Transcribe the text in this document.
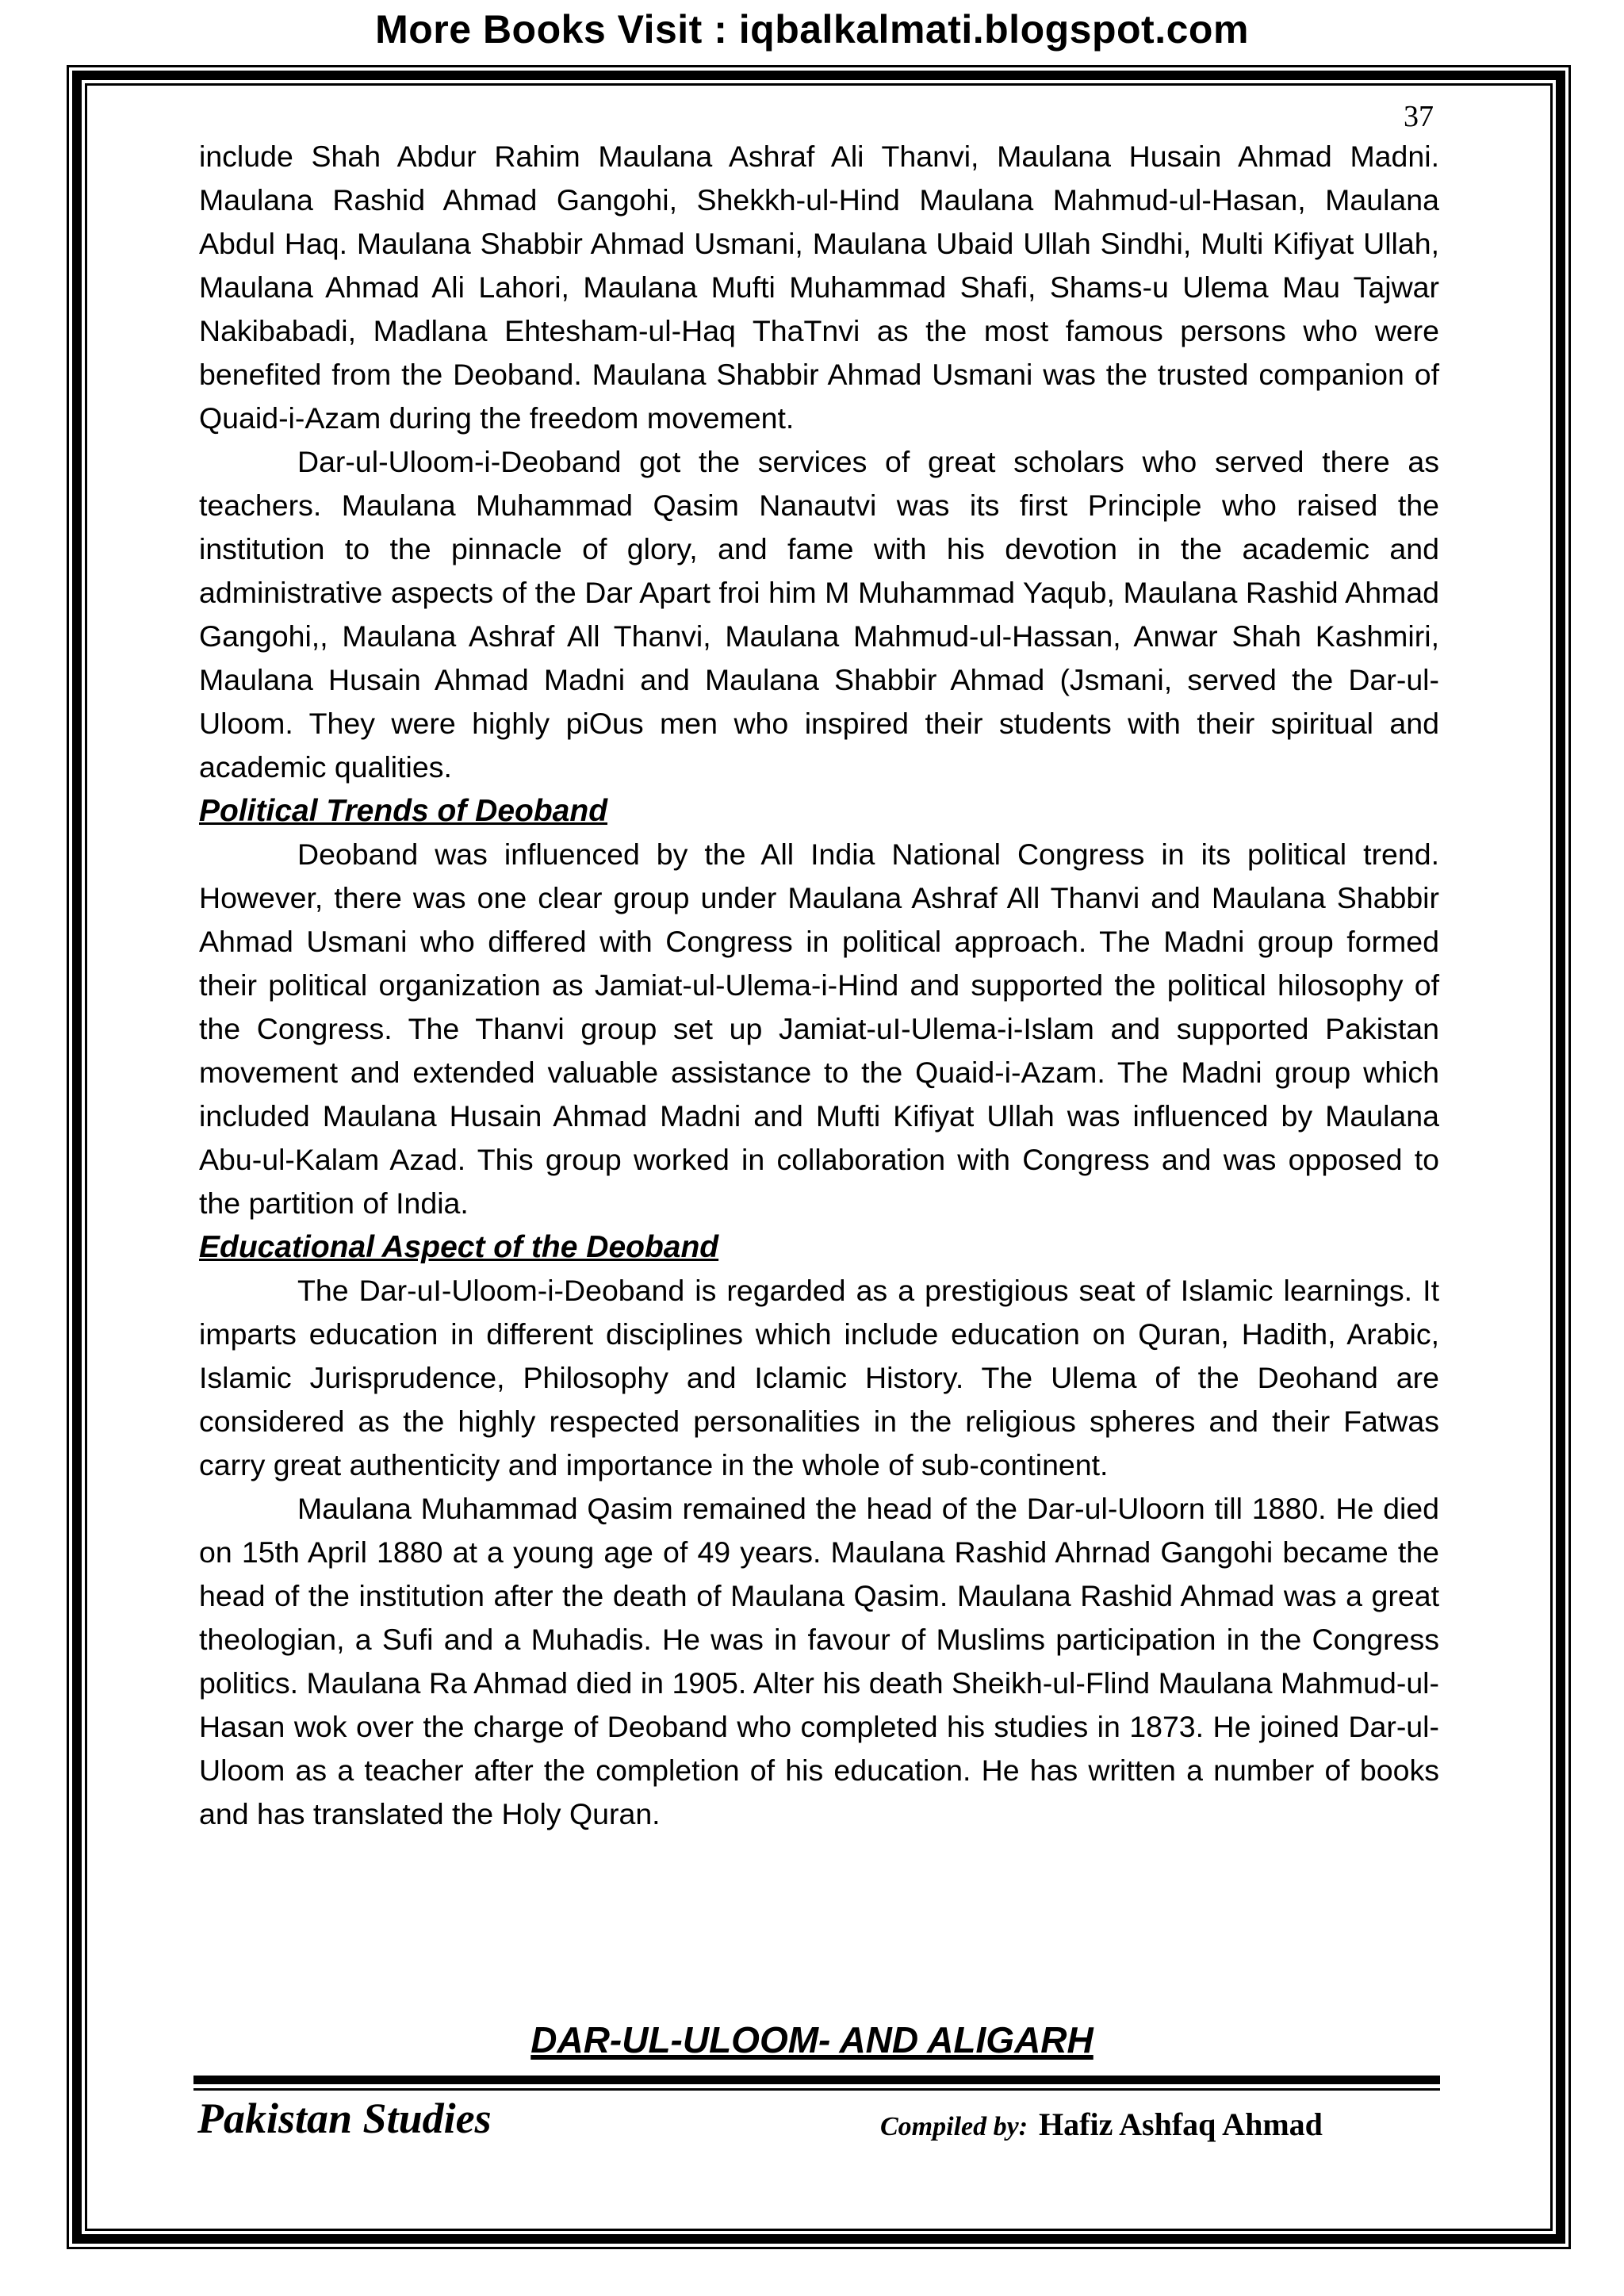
More Books Visit : iqbalkalmati.blogspot.com
37

include Shah Abdur Rahim Maulana Ashraf Ali Thanvi, Maulana Husain Ahmad Madni. Maulana Rashid Ahmad Gangohi, Shekkh-ul-Hind Maulana Mahmud-ul-Hasan, Maulana Abdul Haq. Maulana Shabbir Ahmad Usmani, Maulana Ubaid Ullah Sindhi, Multi Kifiyat Ullah, Maulana Ahmad Ali Lahori, Maulana Mufti Muhammad Shafi, Shams-u Ulema Mau Tajwar Nakibabadi, Madlana Ehtesham-ul-Haq ThaTnvi as the most famous persons who were benefited from the Deoband. Maulana Shabbir Ahmad Usmani was the trusted companion of Quaid-i-Azam during the freedom movement.

Dar-ul-Uloom-i-Deoband got the services of great scholars who served there as teachers. Maulana Muhammad Qasim Nanautvi was its first Principle who raised the institution to the pinnacle of glory, and fame with his devotion in the academic and administrative aspects of the Dar Apart froi him M Muhammad Yaqub, Maulana Rashid Ahmad Gangohi,, Maulana Ashraf All Thanvi, Maulana Mahmud-ul-Hassan, Anwar Shah Kashmiri, Maulana Husain Ahmad Madni and Maulana Shabbir Ahmad (Jsmani, served the Dar-ul-Uloom. They were highly piOus men who inspired their students with their spiritual and academic qualities.

Political Trends of Deoband

Deoband was influenced by the All India National Congress in its political trend. However, there was one clear group under Maulana Ashraf All Thanvi and Maulana Shabbir Ahmad Usmani who differed with Congress in political approach. The Madni group formed their political organization as Jamiat-ul-Ulema-i-Hind and supported the political hilosophy of the Congress. The Thanvi group set up Jamiat-uI-Ulema-i-Islam and supported Pakistan movement and extended valuable assistance to the Quaid-i-Azam. The Madni group which included Maulana Husain Ahmad Madni and Mufti Kifiyat Ullah was influenced by Maulana Abu-ul-Kalam Azad. This group worked in collaboration with Congress and was opposed to the partition of India.

Educational Aspect of the Deoband

The Dar-uI-Uloom-i-Deoband is regarded as a prestigious seat of Islamic learnings. It imparts education in different disciplines which include education on Quran, Hadith, Arabic, Islamic Jurisprudence, Philosophy and Iclamic History. The Ulema of the Deohand are considered as the highly respected personalities in the religious spheres and their Fatwas carry great authenticity and importance in the whole of sub-continent.

Maulana Muhammad Qasim remained the head of the Dar-ul-Uloorn till 1880. He died on 15th April 1880 at a young age of 49 years. Maulana Rashid Ahrnad Gangohi became the head of the institution after the death of Maulana Qasim. Maulana Rashid Ahmad was a great theologian, a Sufi and a Muhadis. He was in favour of Muslims participation in the Congress politics. Maulana Ra Ahmad died in 1905. Alter his death Sheikh-ul-Flind Maulana Mahmud-ul-Hasan wok over the charge of Deoband who completed his studies in 1873. He joined Dar-ul-Uloom as a teacher after the completion of his education. He has written a number of books and has translated the Holy Quran.

DAR-UL-ULOOM- AND ALIGARH
Pakistan Studies	Compiled by: Hafiz Ashfaq Ahmad
